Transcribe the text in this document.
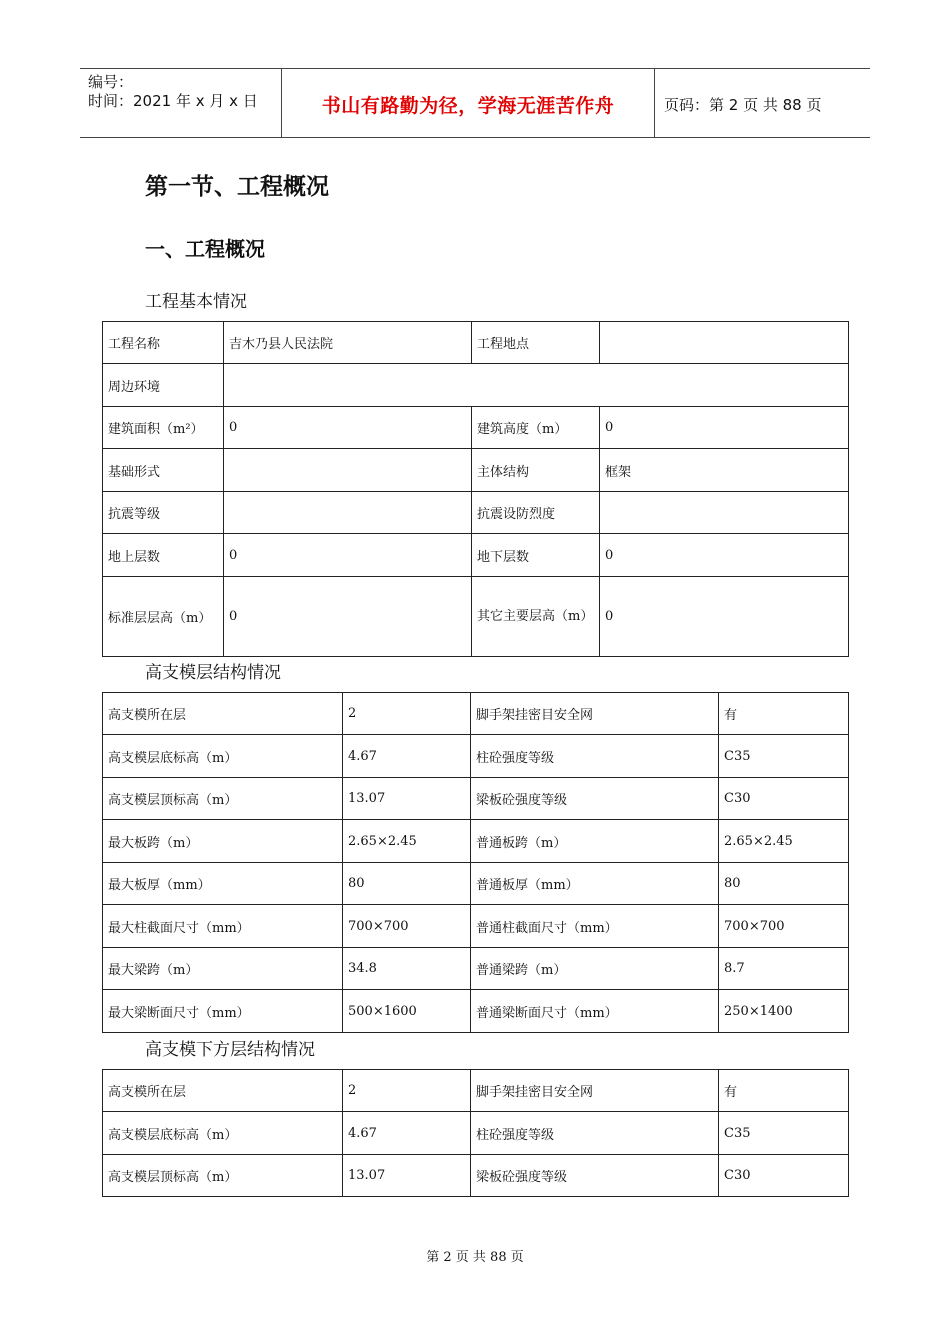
编号：
时间：2021 年 x 月 x 日	书山有路勤为径，学海无涯苦作舟	页码：第 2 页 共 88 页
第一节、工程概况
一、工程概况
工程基本情况
工程名称	吉木乃县人民法院	工程地点	
周边环境			
建筑面积（m²）	0	建筑高度（m）	0
基础形式		主体结构	框架
抗震等级		抗震设防烈度	
地上层数	0	地下层数	0
标准层层高（m）	0	其它主要层高（m）	0
高支模层结构情况
高支模所在层	2	脚手架挂密目安全网	有
高支模层底标高（m）	4.67	柱砼强度等级	C35
高支模层顶标高（m）	13.07	梁板砼强度等级	C30
最大板跨（m）	2.65×2.45	普通板跨（m）	2.65×2.45
最大板厚（mm）	80	普通板厚（mm）	80
最大柱截面尺寸（mm）	700×700	普通柱截面尺寸（mm）	700×700
最大梁跨（m）	34.8	普通梁跨（m）	8.7
最大梁断面尺寸（mm）	500×1600	普通梁断面尺寸（mm）	250×1400
高支模下方层结构情况
高支模所在层	2	脚手架挂密目安全网	有
高支模层底标高（m）	4.67	柱砼强度等级	C35
高支模层顶标高（m）	13.07	梁板砼强度等级	C30
第 2 页 共 88 页
